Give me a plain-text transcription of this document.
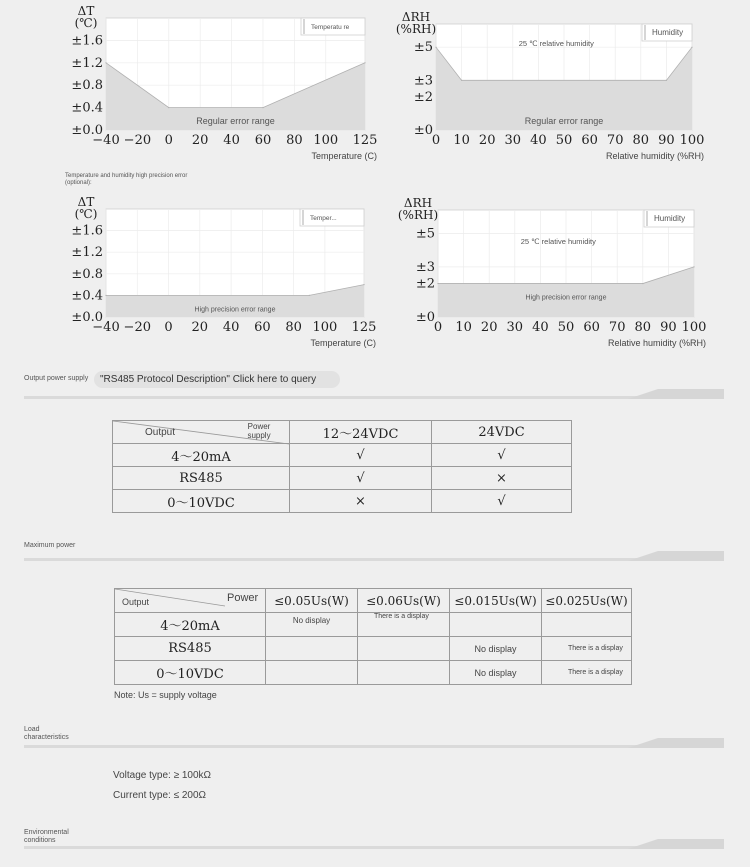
−40 −20 0 20 40 60 80 100 125
±0.0
±0.4
±0.8
±1.2
±1.6
ΔT
(℃)
Temperature (C)
Temperatu re
Regular error range
0 10 20 30 40 50 60 70 80 90 100
±0
±2
±3
±5
ΔRH
(%RH)
Relative humidity (%RH)
Humidity
25 ℃ relative humidity
Regular error range
−40 −20 0 20 40 60 80 100 125
±0.0
±0.4
±0.8
±1.2
±1.6
ΔT
(℃)
Temperature (C)
Temper...
High precision error range
0 10 20 30 40 50 60 70 80 90 100
±0
±2
±3
±5
ΔRH
(%RH)
Relative humidity (%RH)
Humidity
25 ℃ relative humidity
High precision error range
Temperature and humidity high precision error (optional):
Output power supply	"RS485 Protocol Description" Click here to query
Output
Power supply	12～24VDC	24VDC
4～20mA	√	√
RS485	√	×
0～10VDC	×	√
Maximum power
Output Power	≤0.05Us(W)	≤0.06Us(W)	≤0.015Us(W)	≤0.025Us(W)
4～20mA	No display	There is a display		
RS485			No display	There is a display
0～10VDC			No display	There is a display
Note: Us = supply voltage
Load characteristics
Voltage type: ≥ 100kΩ
Current type: ≤ 200Ω
Environmental conditions
